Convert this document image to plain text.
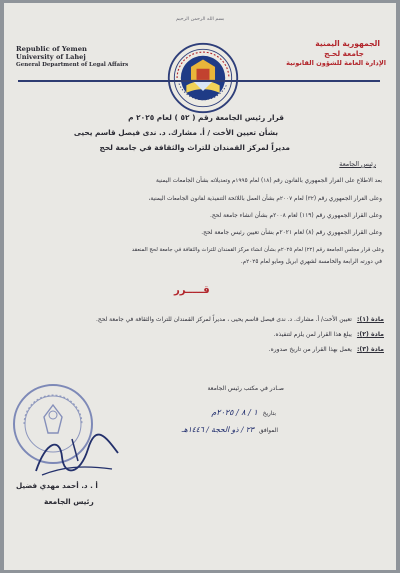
بسم الله الرحمن الرحيم
Republic of Yemen
University of Lahej
General Department of Legal Affairs
الجمهورية اليمنية
جامعة لحـج
الإدارة العامة للشؤون القانونية
قرار رئيس الجامعة رقم ( ٥٢ ) لعام ٢٠٢٥ م
بشأن تعيين الأخت / أ. مشارك. د. ندى فيصل قاسم يحيى
مديراً لمركز القمندان للتراث والثقافة في جامعة لحج
رئيس الجامعة
بعد الاطلاع على القرار الجمهوري بالقانون رقم (١٨) لعام ١٩٩٥م وتعديلاته بشأن الجامعات اليمنية
وعلى القرار الجمهوري رقم (٣٢) لعام ٢٠٠٧م بشأن العمل باللائحة التنفيذية لقانون الجامعات اليمنية،
وعلى القرار الجمهوري رقم (١١٩) لعام ٢٠٠٨م بشأن انشاء جامعة لحج.
وعلى القرار الجمهوري رقم (٨) لعام ٢٠٢١م بشأن تعيين رئيس جامعة لحج.
وعلى قرار مجلس الجامعة رقم (٢٢) لعام ٢٠٢٥م بشأن انشاء مركز القمندان للتراث والثقافة في جامعة لحج المنعقد
في دورته الرابعة والخامسة لشهري ابريل ومايو لعام ٢٠٢٥م.
قـــــرر
مادة (١): تعيين الأخت/ أ. مشارك. د. ندى فيصل قاسم يحيى ، مديراً لمركز القمندان للتراث والثقافة في جامعة لحج.
مادة (٢): يبلغ هذا القرار لمن يلزم لتنفيذه.
مادة (٣): يعمل بهذا القرار من تاريخ صدوره.
صـادر في مكتب رئيس الجامعة
بتاريخ ١ / ٨ / ٢٠٢٥م
الموافق ٢٣ / ذو الحجة / ١٤٤٦هـ
أ . د. أحمد مهدي فضيل
رئيس الجامعة
